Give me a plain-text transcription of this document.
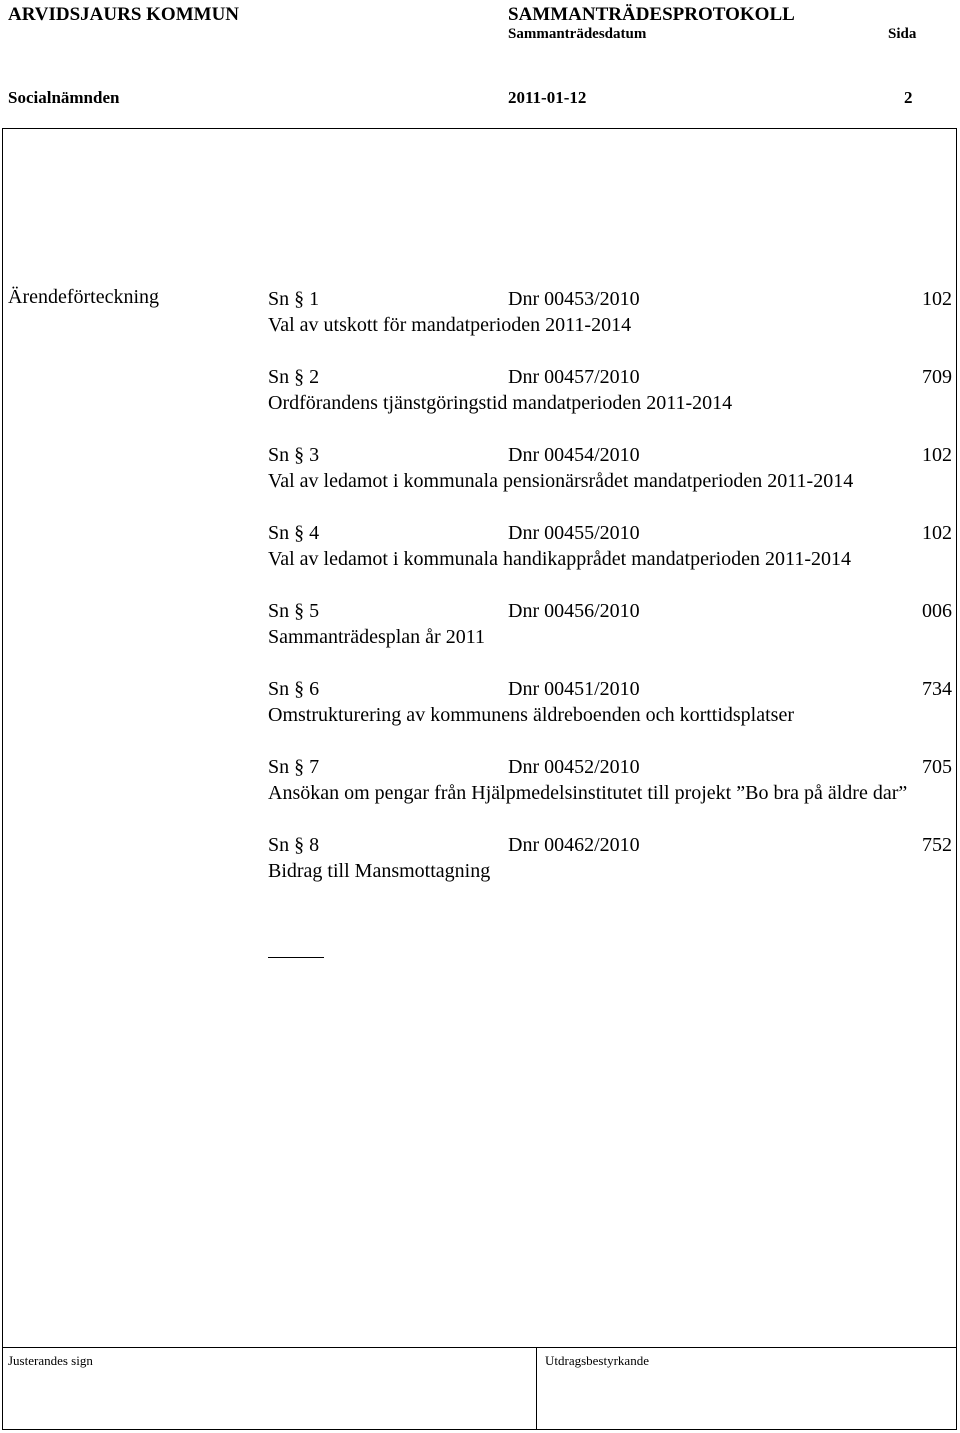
ARVIDSJAURS KOMMUN	SAMMANTRÄDESPROTOKOLL
Sammanträdesdatum	Sida
Socialnämnden	2011-01-12	2
Ärendeförteckning	Sn § 1	Dnr 00453/2010	102
Val av utskott för mandatperioden 2011-2014
Sn § 2	Dnr 00457/2010	709
Ordförandens tjänstgöringstid mandatperioden 2011-2014
Sn § 3	Dnr 00454/2010	102
Val av ledamot i kommunala pensionärsrådet mandatperioden 2011-2014
Sn § 4	Dnr 00455/2010	102
Val av ledamot i kommunala handikapprådet mandatperioden 2011-2014
Sn § 5	Dnr 00456/2010	006
Sammanträdesplan år 2011
Sn § 6	Dnr 00451/2010	734
Omstrukturering av kommunens äldreboenden och korttidsplatser
Sn § 7	Dnr 00452/2010	705
Ansökan om pengar från Hjälpmedelsinstitutet till projekt ”Bo bra på äldre dar”
Sn § 8	Dnr 00462/2010	752
Bidrag till Mansmottagning
Justerandes sign	Utdragsbestyrkande
